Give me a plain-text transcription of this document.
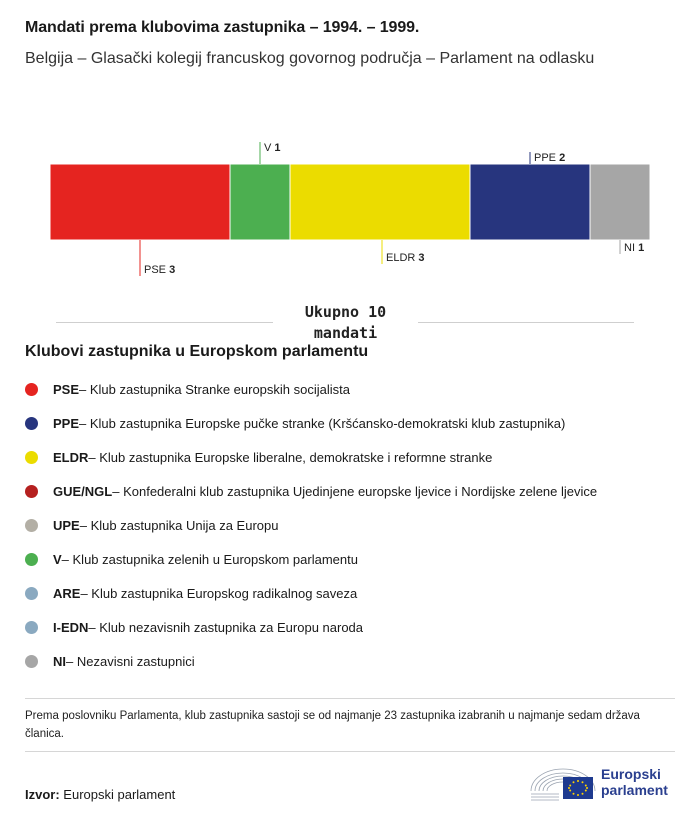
Mandati prema klubovima zastupnika – 1994. – 1999.
Belgija – Glasački kolegij francuskog govornog područja – Parlament na odlasku
PSE 3
V 1
ELDR 3
PPE 2
NI 1
Ukupno 10
mandati
Klubovi zastupnika u Europskom parlamentu
PSE – Klub zastupnika Stranke europskih socijalista
PPE – Klub zastupnika Europske pučke stranke (Kršćansko-demokratski klub zastupnika)
ELDR – Klub zastupnika Europske liberalne, demokratske i reformne stranke
GUE/NGL – Konfederalni klub zastupnika Ujedinjene europske ljevice i Nordijske zelene ljevice
UPE – Klub zastupnika Unija za Europu
V – Klub zastupnika zelenih u Europskom parlamentu
ARE – Klub zastupnika Europskog radikalnog saveza
I-EDN – Klub nezavisnih zastupnika za Europu naroda
NI – Nezavisni zastupnici
Prema poslovniku Parlamenta, klub zastupnika sastoji se od najmanje 23 zastupnika izabranih u najmanje sedam država članica.
Izvor: Europski parlament
Europski
parlament
